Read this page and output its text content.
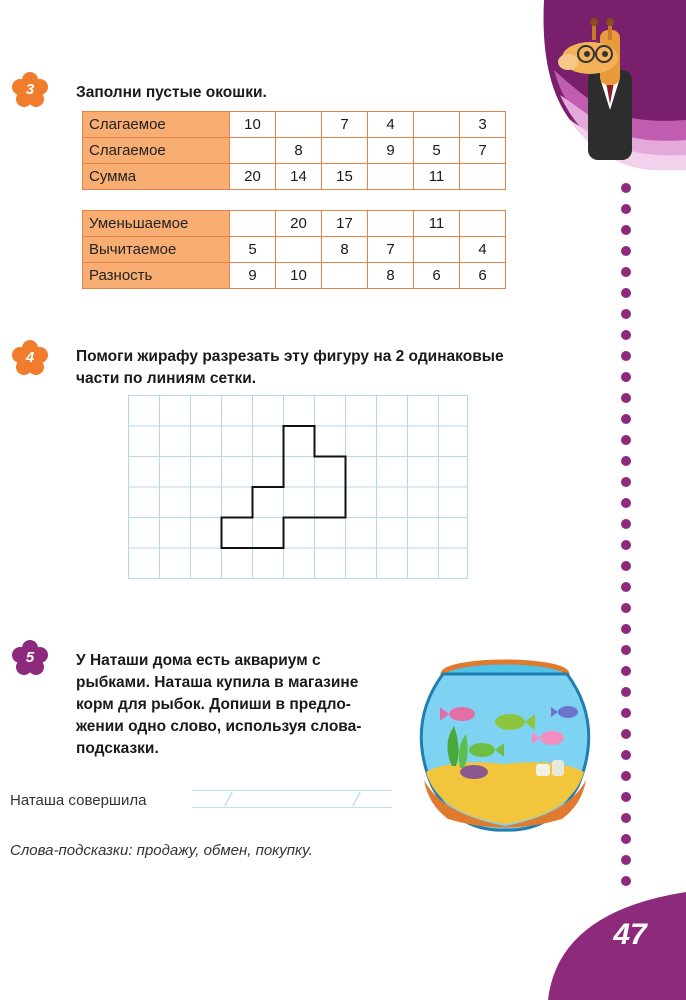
47
3	Заполни пустые окошки.
Слагаемое	10		7	4		3
Слагаемое		8		9	5	7
Сумма	20	14	15		11	
Уменьшаемое		20	17		11	
Вычитаемое	5		8	7		4
Разность	9	10		8	6	6
4	Помоги жирафу разрезать эту фигуру на 2 одинаковые
части по линиям сетки.
5	У Наташи дома есть аквариум с
рыбками. Наташа купила в магазине
корм для рыбок. Допиши в предло-
жении одно слово, используя слова-
подсказки.
Наташа совершила
Слова-подсказки: продажу, обмен, покупку.
